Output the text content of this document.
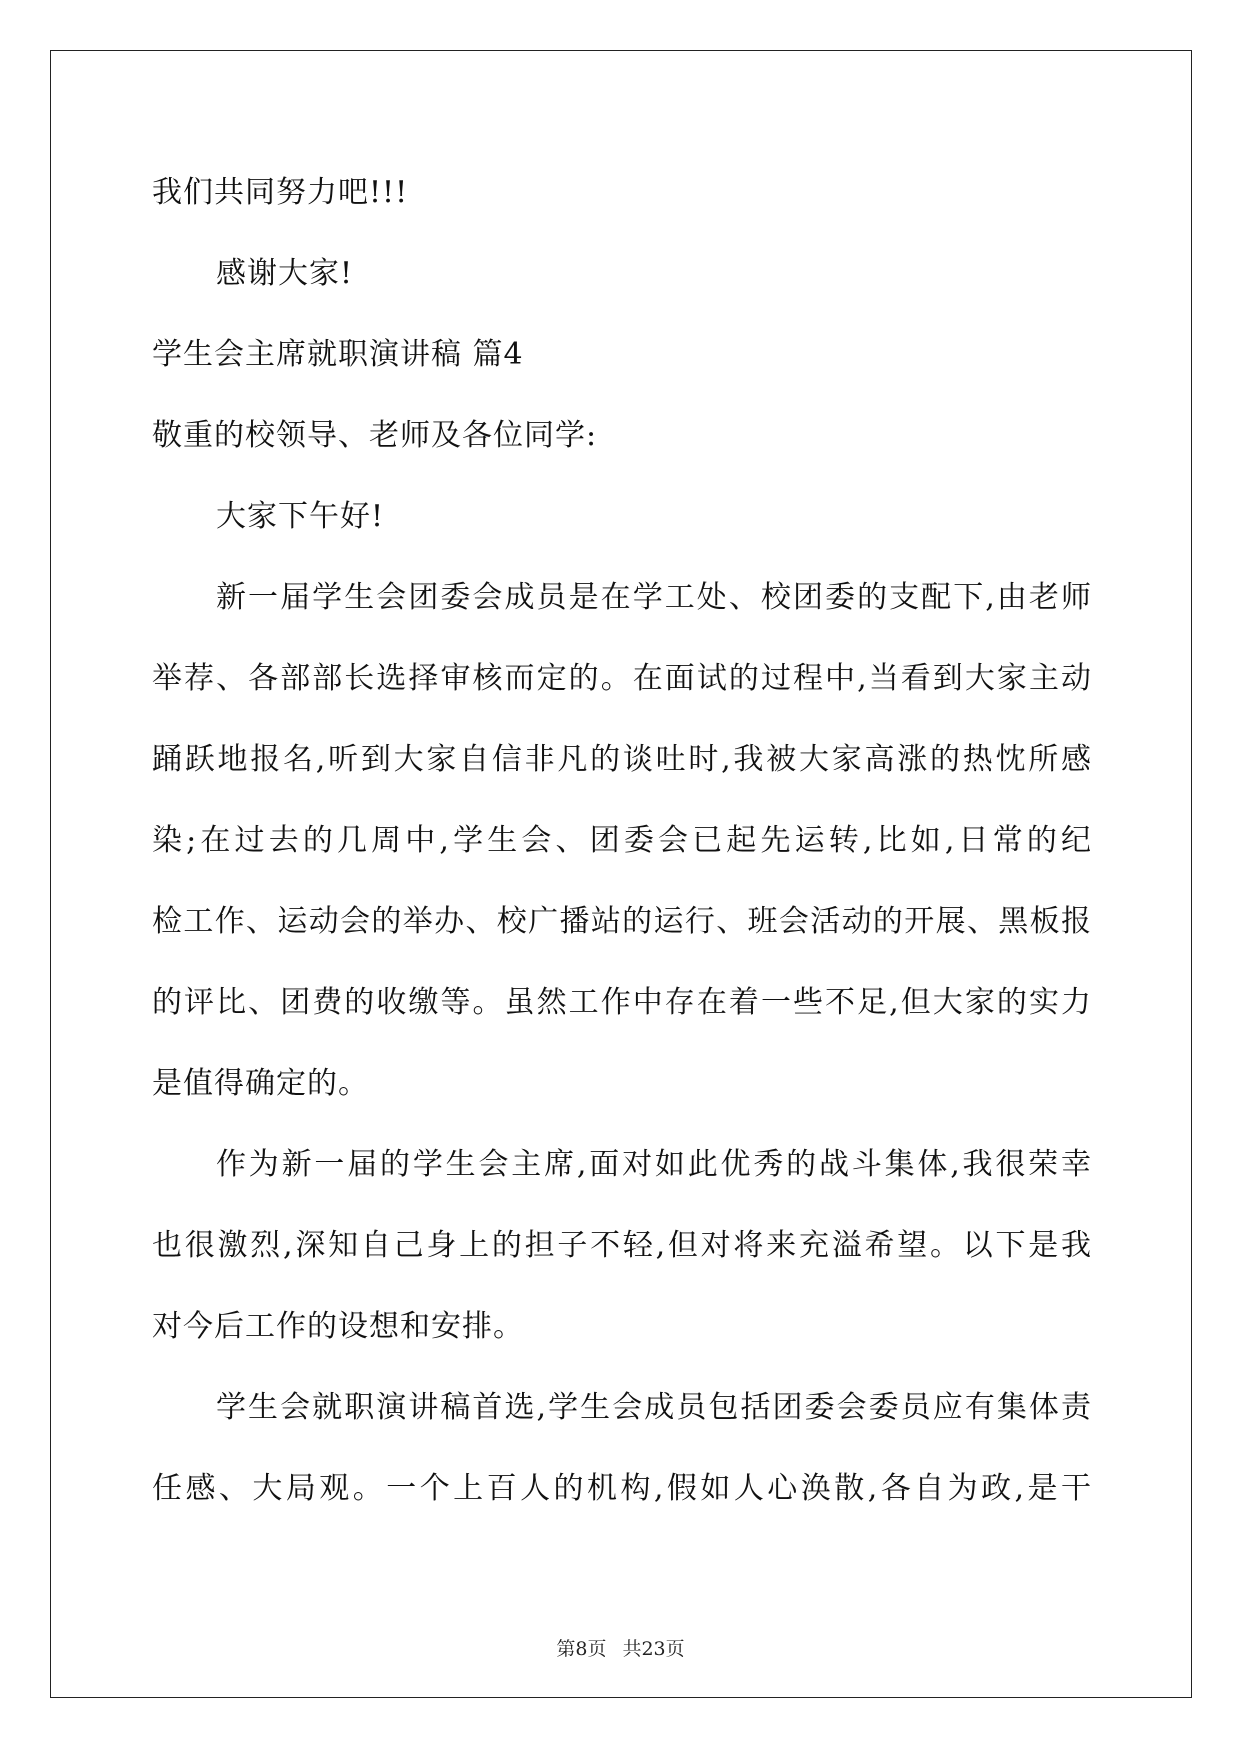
我们共同努力吧!!!
感谢大家!
学生会主席就职演讲稿 篇4
敬重的校领导、老师及各位同学:
大家下午好!
新一届学生会团委会成员是在学工处、校团委的支配下,由老师
举荐、各部部长选择审核而定的。在面试的过程中,当看到大家主动
踊跃地报名,听到大家自信非凡的谈吐时,我被大家高涨的热忱所感
染;在过去的几周中,学生会、团委会已起先运转,比如,日常的纪
检工作、运动会的举办、校广播站的运行、班会活动的开展、黑板报
的评比、团费的收缴等。虽然工作中存在着一些不足,但大家的实力
是值得确定的。
作为新一届的学生会主席,面对如此优秀的战斗集体,我很荣幸
也很激烈,深知自己身上的担子不轻,但对将来充溢希望。以下是我
对今后工作的设想和安排。
学生会就职演讲稿首选,学生会成员包括团委会委员应有集体责
任感、大局观。一个上百人的机构,假如人心涣散,各自为政,是干
第8页 共23页
